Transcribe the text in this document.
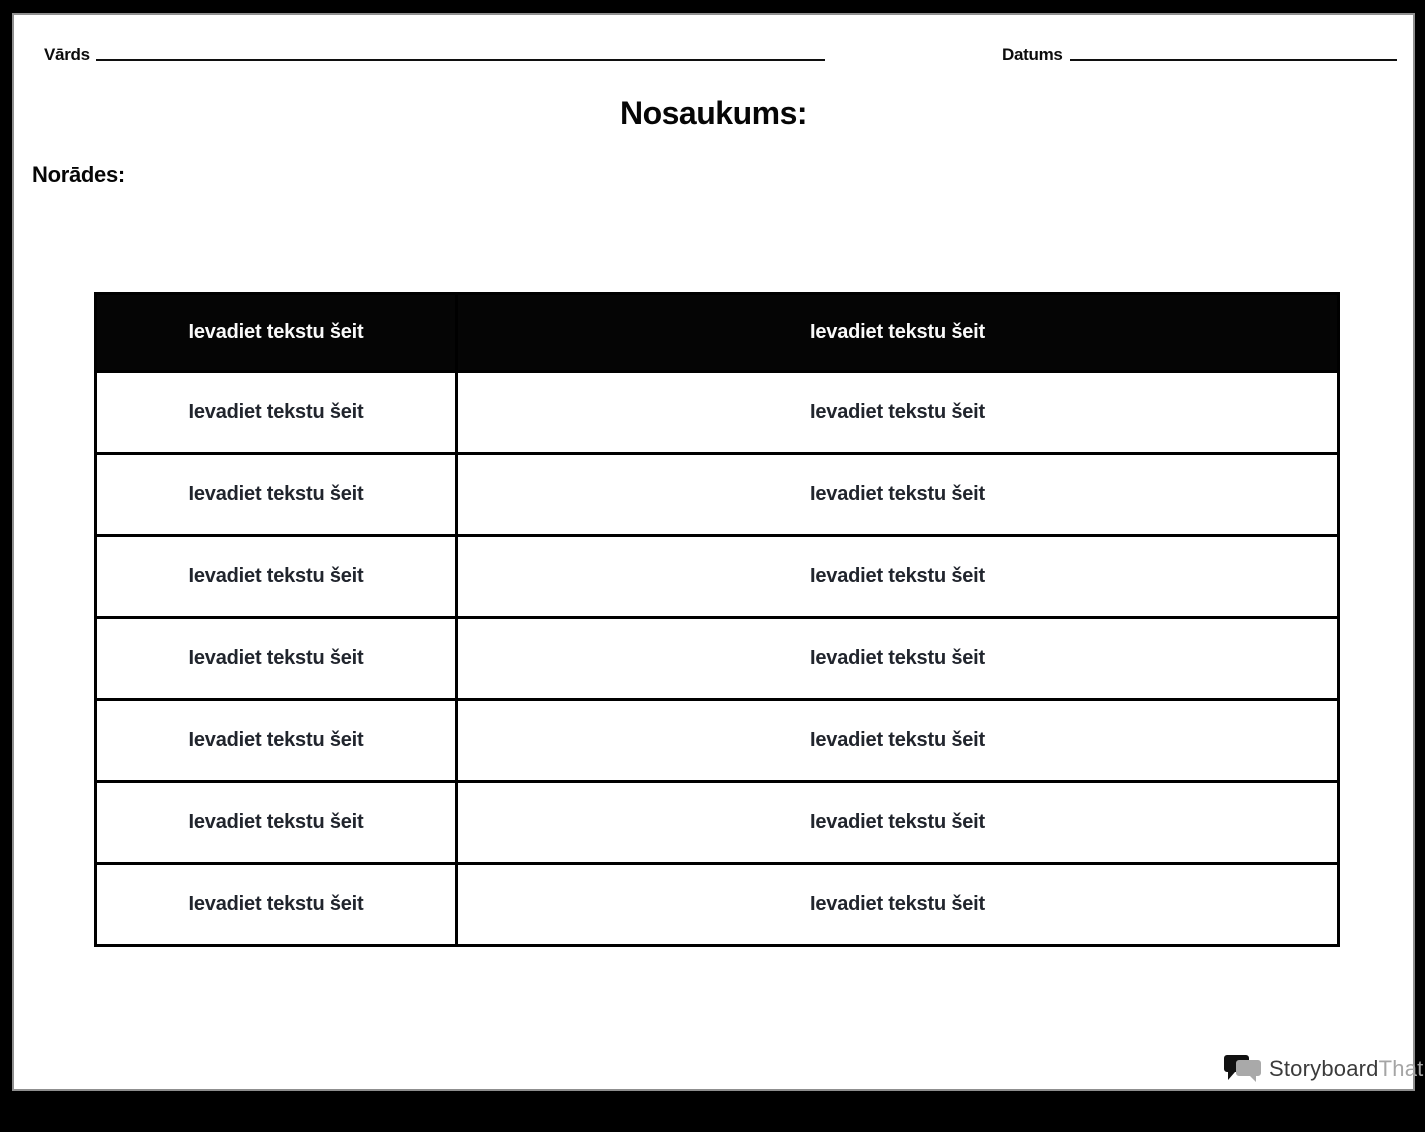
Vārds	Datums
Nosaukums:
Norādes:
Ievadiet tekstu šeit	Ievadiet tekstu šeit
Ievadiet tekstu šeit	Ievadiet tekstu šeit
Ievadiet tekstu šeit	Ievadiet tekstu šeit
Ievadiet tekstu šeit	Ievadiet tekstu šeit
Ievadiet tekstu šeit	Ievadiet tekstu šeit
Ievadiet tekstu šeit	Ievadiet tekstu šeit
Ievadiet tekstu šeit	Ievadiet tekstu šeit
Ievadiet tekstu šeit	Ievadiet tekstu šeit
StoryboardThat
